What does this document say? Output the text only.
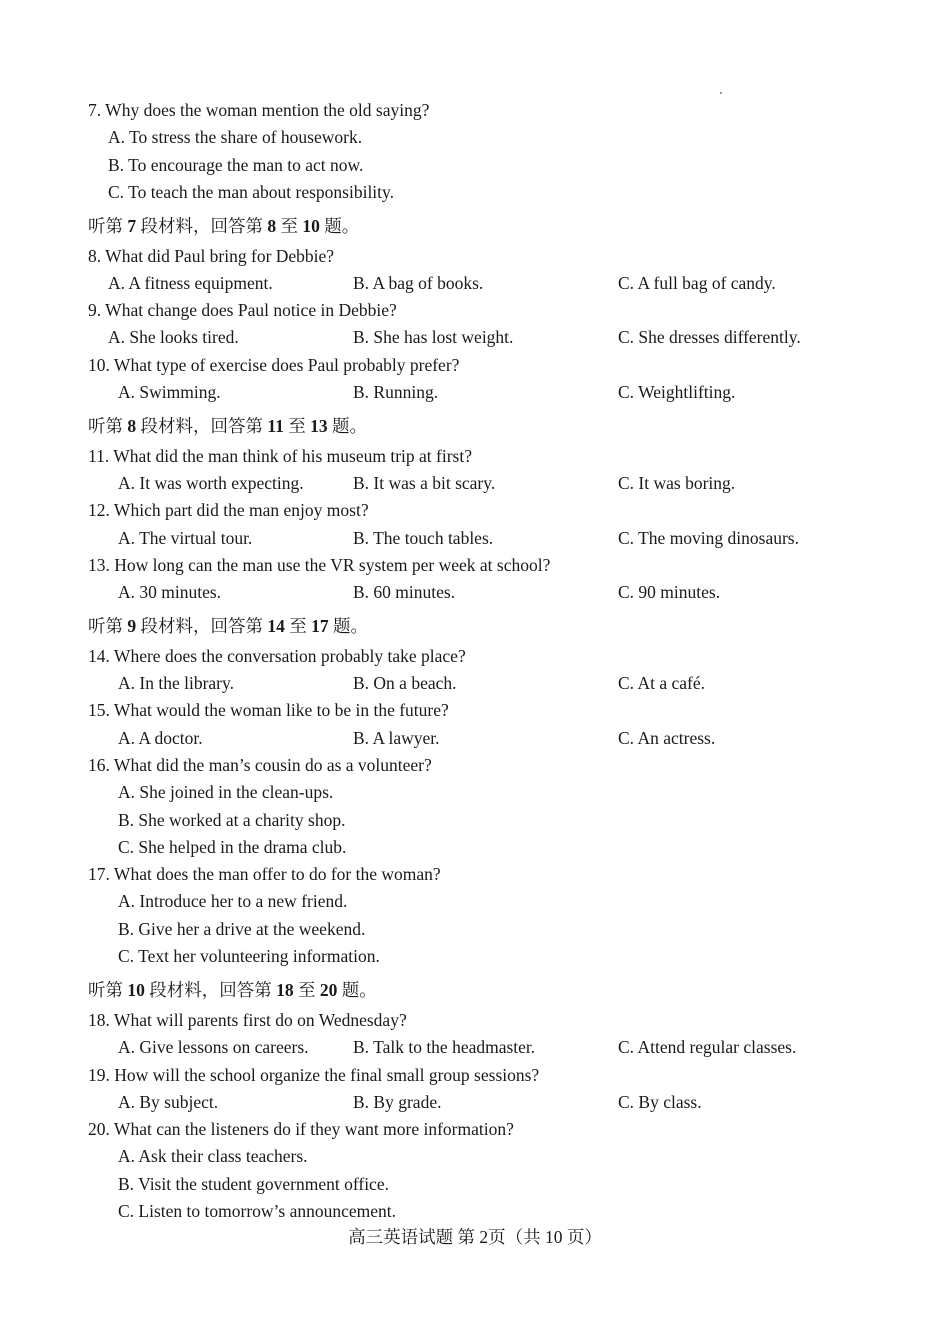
7. Why does the woman mention the old saying?
A. To stress the share of housework.
B. To encourage the man to act now.
C. To teach the man about responsibility.
听第 7 段材料，回答第 8 至 10 题。
8. What did Paul bring for Debbie?
A. A fitness equipment.	B. A bag of books.	C. A full bag of candy.
9. What change does Paul notice in Debbie?
A. She looks tired.	B. She has lost weight.	C. She dresses differently.
10. What type of exercise does Paul probably prefer?
A. Swimming.	B. Running.	C. Weightlifting.
听第 8 段材料，回答第 11 至 13 题。
11. What did the man think of his museum trip at first?
A. It was worth expecting.	B. It was a bit scary.	C. It was boring.
12. Which part did the man enjoy most?
A. The virtual tour.	B. The touch tables.	C. The moving dinosaurs.
13. How long can the man use the VR system per week at school?
A. 30 minutes.	B. 60 minutes.	C. 90 minutes.
听第 9 段材料，回答第 14 至 17 题。
14. Where does the conversation probably take place?
A. In the library.	B. On a beach.	C. At a café.
15. What would the woman like to be in the future?
A. A doctor.	B. A lawyer.	C. An actress.
16. What did the man’s cousin do as a volunteer?
A. She joined in the clean-ups.
B. She worked at a charity shop.
C. She helped in the drama club.
17. What does the man offer to do for the woman?
A. Introduce her to a new friend.
B. Give her a drive at the weekend.
C. Text her volunteering information.
听第 10 段材料，回答第 18 至 20 题。
18. What will parents first do on Wednesday?
A. Give lessons on careers.	B. Talk to the headmaster.	C. Attend regular classes.
19. How will the school organize the final small group sessions?
A. By subject.	B. By grade.	C. By class.
20. What can the listeners do if they want more information?
A. Ask their class teachers.
B. Visit the student government office.
C. Listen to tomorrow’s announcement.
高三英语试题 第 2页（共 10 页）
